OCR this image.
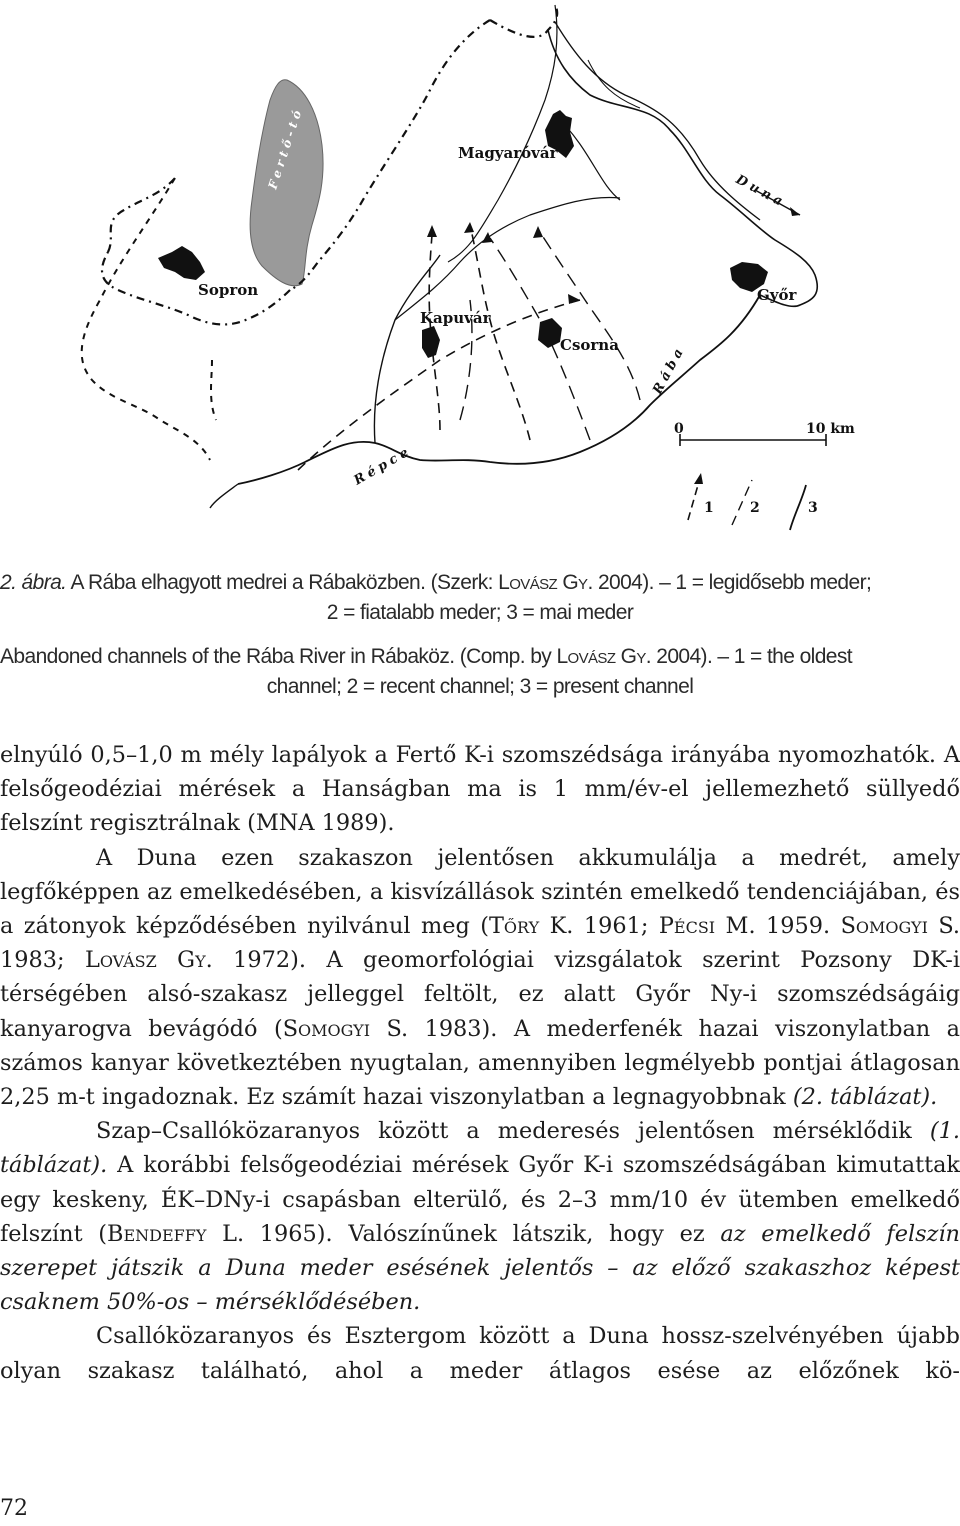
Fertő-tó
Duna
Rába
Répce
Magyaróvár
Sopron
Kapuvár
Csorna
Győr
0	10 km
1	2	3

2. ábra. A Rába elhagyott medrei a Rábaközben. (Szerk: Lovász Gy. 2004). – 1 = legidősebb meder;

2 = fiatalabb meder; 3 = mai meder

Abandoned channels of the Rába River in Rábaköz. (Comp. by Lovász Gy. 2004). – 1 = the oldest

channel; 2 = recent channel; 3 = present channel

elnyúló 0,5–1,0 m mély lapályok a Fertő K-i szomszédsága irányába nyomozhatók. A felsőgeodéziai mérések a Hanságban ma is 1 mm/év-el jellemezhető süllyedő felszínt regisztrálnak (MNA 1989).

A Duna ezen szakaszon jelentősen akkumulálja a medrét, amely legfőképpen az emelkedésében, a kisvízállások szintén emelkedő tendenciájában, és a zátonyok képződésében nyilvánul meg (Tőry K. 1961; Pécsi M. 1959. Somogyi S. 1983; Lovász Gy. 1972). A geomorfológiai vizsgálatok szerint Pozsony DK-i térségében alsó-szakasz jelleggel feltölt, ez alatt Győr Ny-i szomszédságáig kanyarogva bevágódó (Somogyi S. 1983). A mederfenék hazai viszonylatban a számos kanyar következtében nyugtalan, amennyiben legmélyebb pontjai átlagosan 2,25 m-t ingadoznak. Ez számít hazai viszonylatban a legnagyobbnak (2. táblázat).

Szap–Csallóközaranyos között a mederesés jelentősen mérséklődik (1. táblázat). A korábbi felsőgeodéziai mérések Győr K-i szomszédságában kimutattak egy keskeny, ÉK–DNy-i csapásban elterülő, és 2–3 mm/10 év ütemben emelkedő felszínt (Bendeffy L. 1965). Valószínűnek látszik, hogy ez az emelkedő felszín szerepet játszik a Duna meder esésének jelentős – az előző szakaszhoz képest csaknem 50%-os – mérséklődésében.

Csallóközaranyos és Esztergom között a Duna hossz-szelvényében újabb olyan szakasz található, ahol a meder átlagos esése az előzőnek kö-

72
